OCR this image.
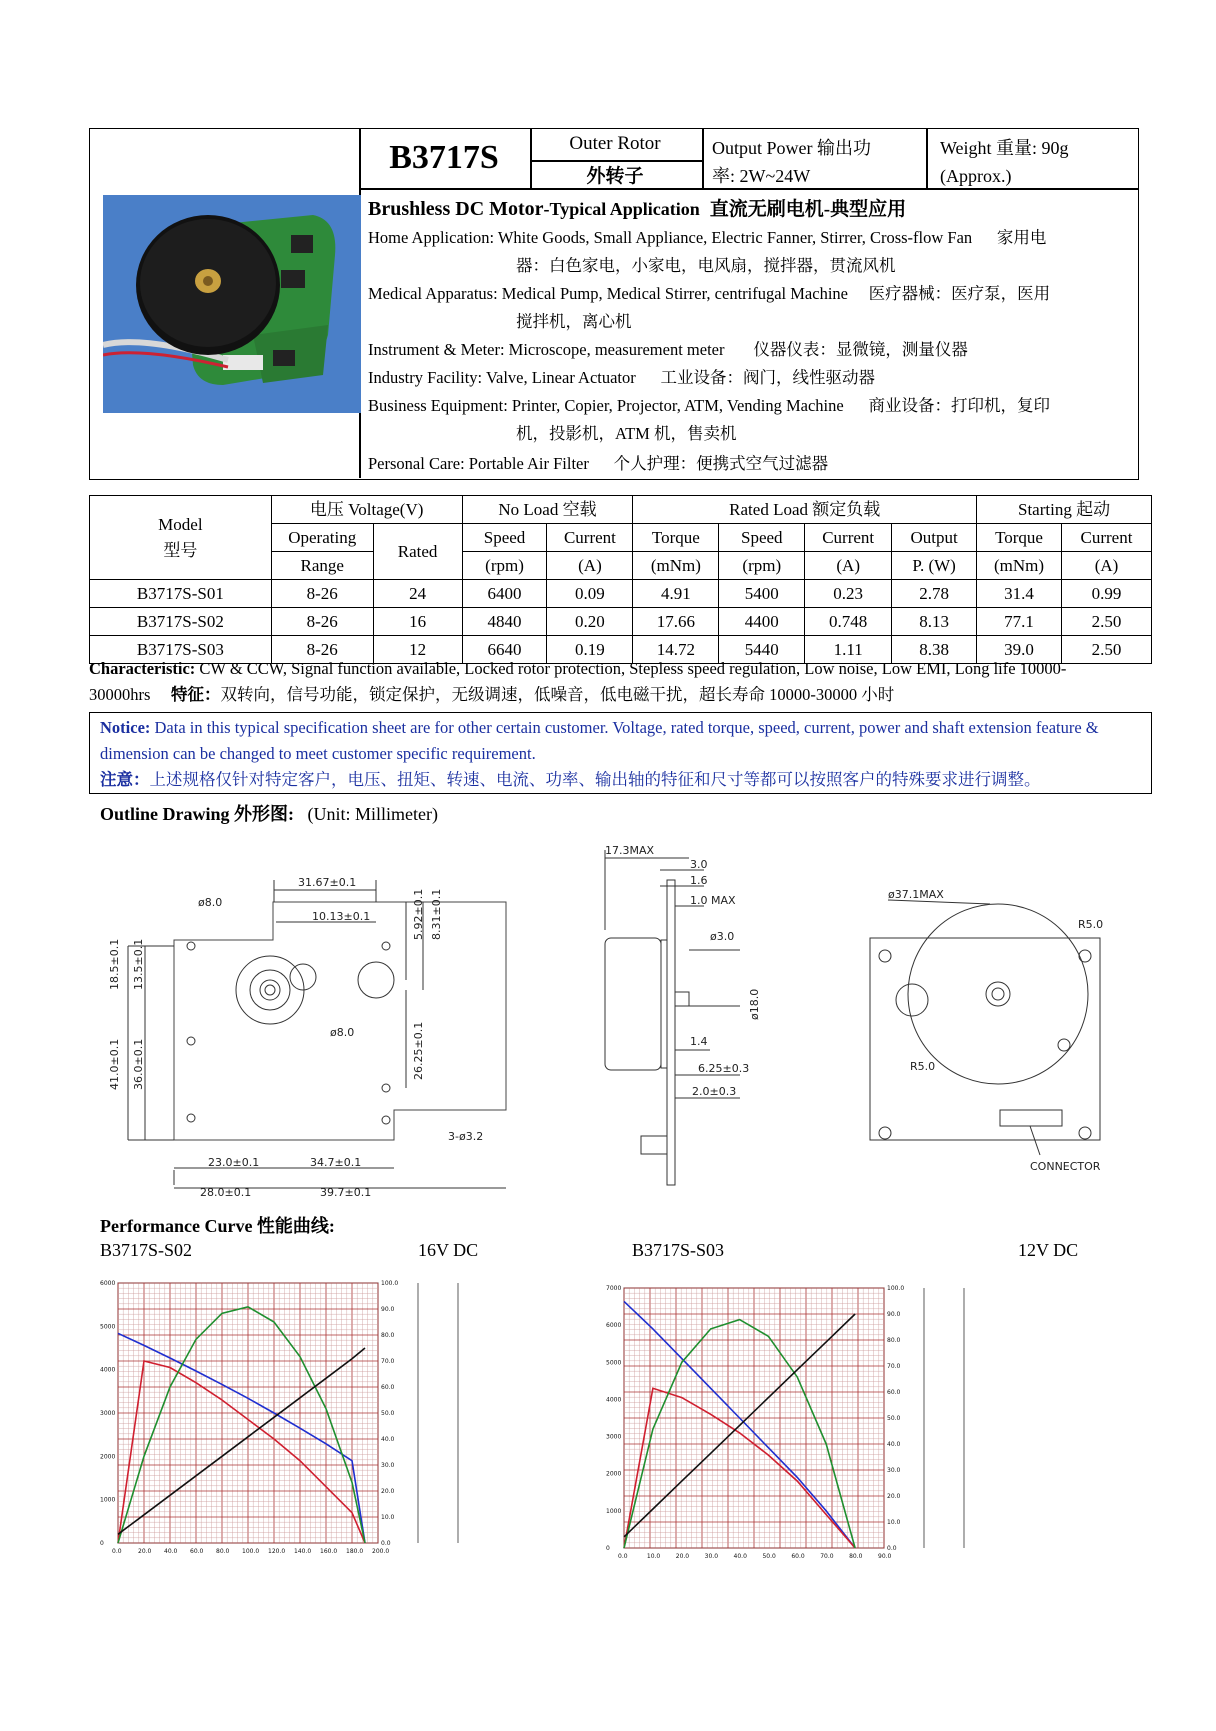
B3717S	Outer Rotor
外转子
Output Power 输出功
率: 2W~24W
Weight 重量: 90g
(Approx.)
Brushless DC Motor-Typical Application 直流无刷电机-典型应用
Home Application: White Goods, Small Appliance, Electric Fanner, Stirrer, Cross-flow Fan      家用电
器：白色家电，小家电，电风扇，搅拌器，贯流风机
Medical Apparatus: Medical Pump, Medical Stirrer, centrifugal Machine     医疗器械：医疗泵，医用
搅拌机，离心机
Instrument & Meter: Microscope, measurement meter       仪器仪表：显微镜，测量仪器
Industry Facility: Valve, Linear Actuator      工业设备：阀门，线性驱动器
Business Equipment: Printer, Copier, Projector, ATM, Vending Machine      商业设备：打印机，复印
机，投影机，ATM 机，售卖机
Personal Care: Portable Air Filter      个人护理：便携式空气过滤器
Model
型号	电压 Voltage(V)		No Load 空载		Rated Load 额定负载				Starting 起动	
	Operating	Rated	Speed	Current	Torque	Speed	Current	Output	Torque	Current
	Range		(rpm)	(A)	(mNm)	(rpm)	(A)	P. (W)	(mNm)	(A)
B3717S-S01	8-26	24	6400	0.09	4.91	5400	0.23	2.78	31.4	0.99
B3717S-S02	8-26	16	4840	0.20	17.66	4400	0.748	8.13	77.1	2.50
B3717S-S03	8-26	12	6640	0.19	14.72	5440	1.11	8.38	39.0	2.50
Characteristic: CW & CCW, Signal function available, Locked rotor protection, Stepless speed regulation, Low noise, Low EMI, Long life 10000-30000hrs 特征：双转向，信号功能，锁定保护，无级调速，低噪音，低电磁干扰，超长寿命 10000-30000 小时
Notice: Data in this typical specification sheet are for other certain customer. Voltage, rated torque, speed, current, power and shaft extension feature & dimension can be changed to meet customer specific requirement.
注意：上述规格仅针对特定客户，电压、扭矩、转速、电流、功率、输出轴的特征和尺寸等都可以按照客户的特殊要求进行调整。
Outline Drawing 外形图: (Unit: Millimeter)
31.67±0.1
10.13±0.1
ø8.0
ø8.0
18.5±0.1 13.5±0.1
41.0±0.1 36.0±0.1
5.92±0.1 8.31±0.1
26.25±0.1
3-ø3.2
23.0±0.1	34.7±0.1
28.0±0.1	39.7±0.1
17.3MAX
3.0
1.6
1.0 MAX
ø3.0
ø18.0
1.4
6.25±0.3
2.0±0.3
ø37.1MAX
R5.0
R5.0
CONNECTOR
Performance Curve 性能曲线:
B3717S-S02	16V DC	B3717S-S03	12V DC
0.0	20.0 40.0 60.0 80.0 100.0 120.0 140.0 160.0 180.0 200.0
0
1000
2000
3000
4000
5000
6000
0.0
10.0
20.0
30.0
40.0
50.0
60.0
70.0
80.0
90.0
100.0
0.0	10.0	20.0	30.0	40.0	50.0	60.0	70.0	80.0	90.0
0
1000
2000
3000
4000
5000
6000
7000
0.0
10.0
20.0
30.0
40.0
50.0
60.0
70.0
80.0
90.0
100.0
